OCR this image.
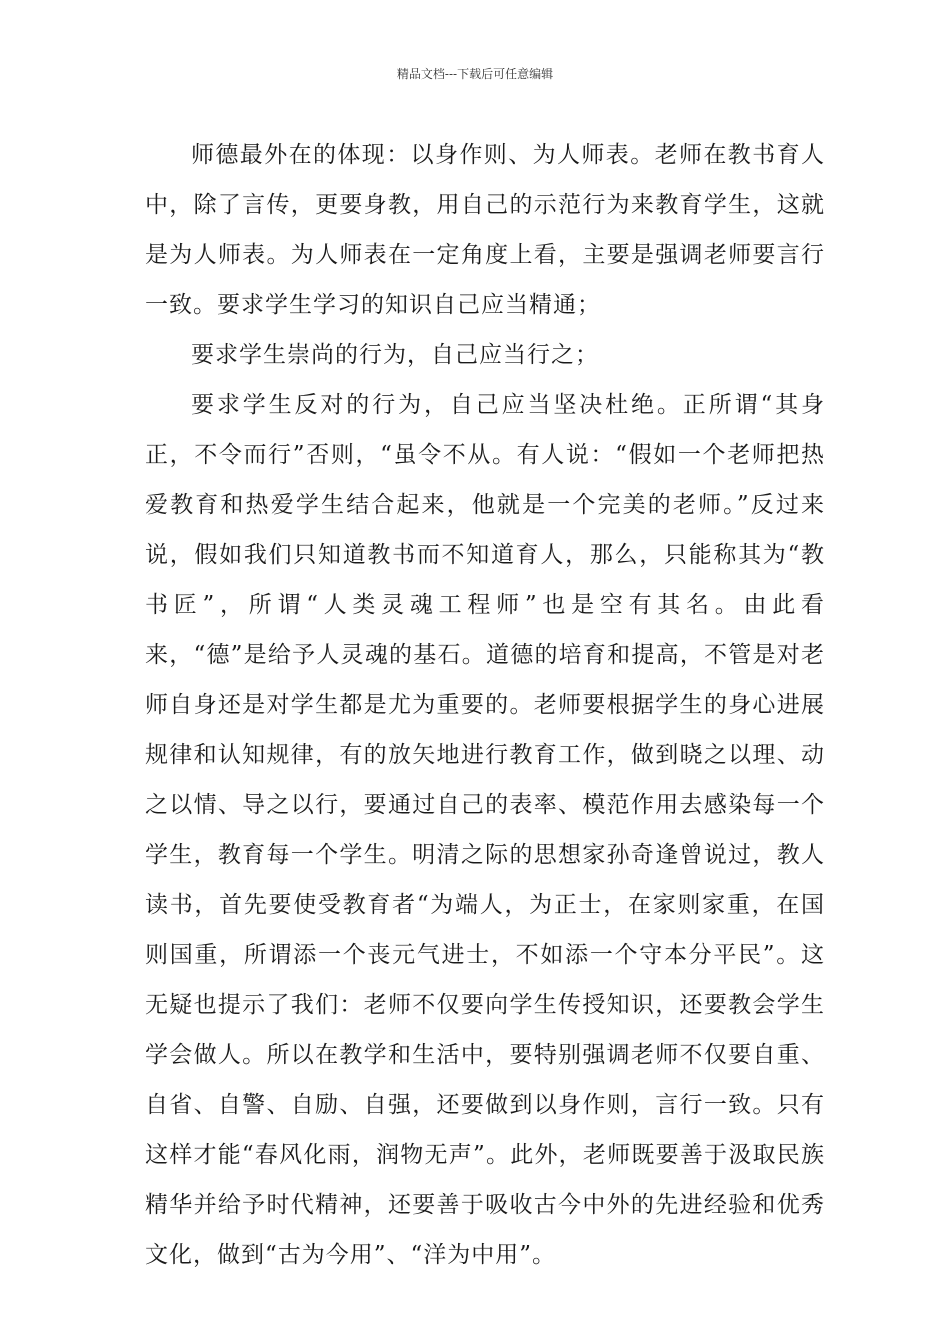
精品文档---下载后可任意编辑

师德最外在的体现：以身作则、为人师表。老师在教书育人中，除了言传，更要身教，用自己的示范行为来教育学生，这就是为人师表。为人师表在一定角度上看，主要是强调老师要言行一致。要求学生学习的知识自己应当精通；

要求学生崇尚的行为，自己应当行之；

要求学生反对的行为，自己应当坚决杜绝。正所谓“其身正，不令而行”否则，“虽令不从。有人说：“假如一个老师把热爱教育和热爱学生结合起来，他就是一个完美的老师。”反过来说，假如我们只知道教书而不知道育人，那么，只能称其为“教书匠”，所谓“人类灵魂工程师”也是空有其名。由此看来，“德”是给予人灵魂的基石。道德的培育和提高，不管是对老师自身还是对学生都是尤为重要的。老师要根据学生的身心进展规律和认知规律，有的放矢地进行教育工作，做到晓之以理、动之以情、导之以行，要通过自己的表率、模范作用去感染每一个学生，教育每一个学生。明清之际的思想家孙奇逢曾说过，教人读书，首先要使受教育者“为端人，为正士，在家则家重，在国则国重，所谓添一个丧元气进士，不如添一个守本分平民”。这无疑也提示了我们：老师不仅要向学生传授知识，还要教会学生学会做人。所以在教学和生活中，要特别强调老师不仅要自重、自省、自警、自励、自强，还要做到以身作则，言行一致。只有这样才能“春风化雨，润物无声”。此外，老师既要善于汲取民族精华并给予时代精神，还要善于吸收古今中外的先进经验和优秀文化，做到“古为今用”、“洋为中用”。
